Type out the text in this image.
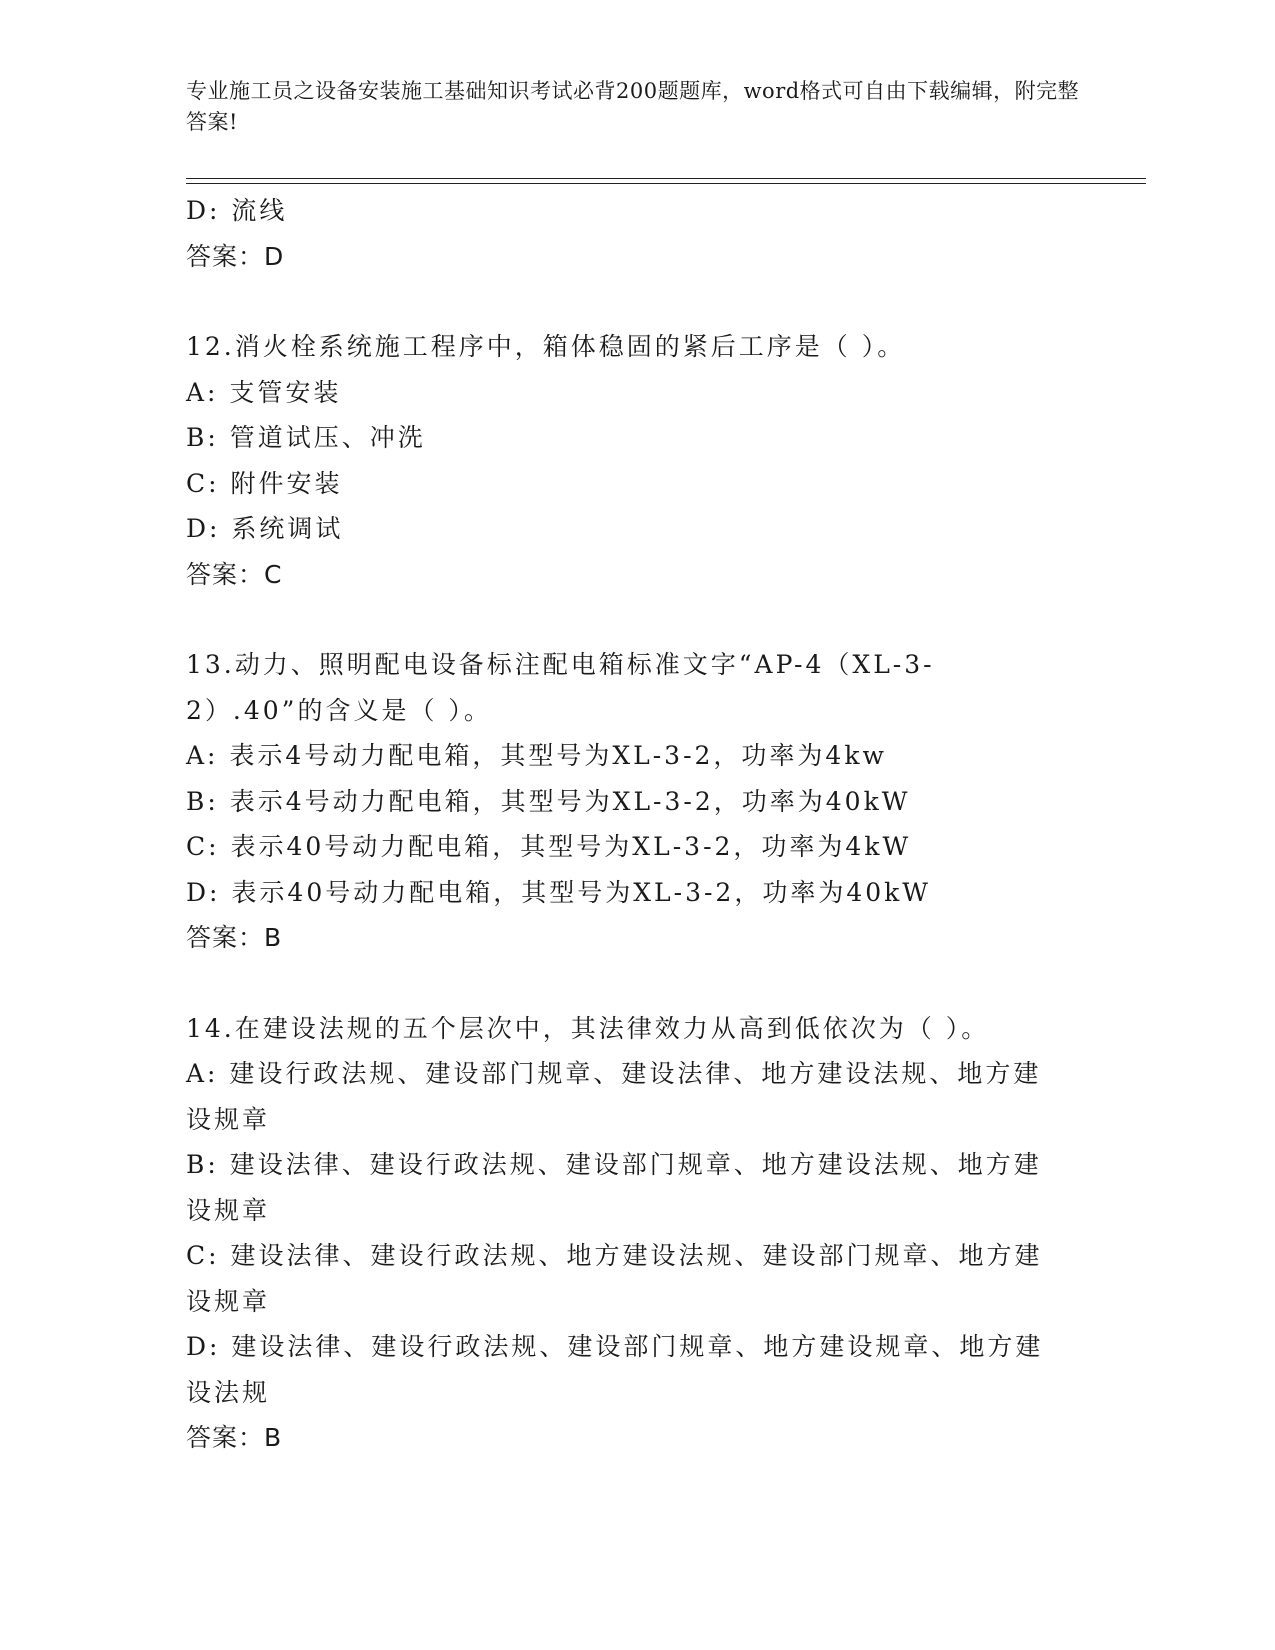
专业施工员之设备安装施工基础知识考试必背200题题库，word格式可自由下载编辑，附完整答案!
D: 流线
答案：D
12.消火栓系统施工程序中，箱体稳固的紧后工序是（ ）。
A: 支管安装
B: 管道试压、冲洗
C: 附件安装
D: 系统调试
答案：C
13.动力、照明配电设备标注配电箱标准文字“AP-4（XL-3-2）.40”的含义是（ ）。
A: 表示4号动力配电箱，其型号为XL-3-2，功率为4kw
B: 表示4号动力配电箱，其型号为XL-3-2，功率为40kW
C: 表示40号动力配电箱，其型号为XL-3-2，功率为4kW
D: 表示40号动力配电箱，其型号为XL-3-2，功率为40kW
答案：B
14.在建设法规的五个层次中，其法律效力从高到低依次为（ ）。
A: 建设行政法规、建设部门规章、建设法律、地方建设法规、地方建设规章
B: 建设法律、建设行政法规、建设部门规章、地方建设法规、地方建设规章
C: 建设法律、建设行政法规、地方建设法规、建设部门规章、地方建设规章
D: 建设法律、建设行政法规、建设部门规章、地方建设规章、地方建设法规
答案：B
